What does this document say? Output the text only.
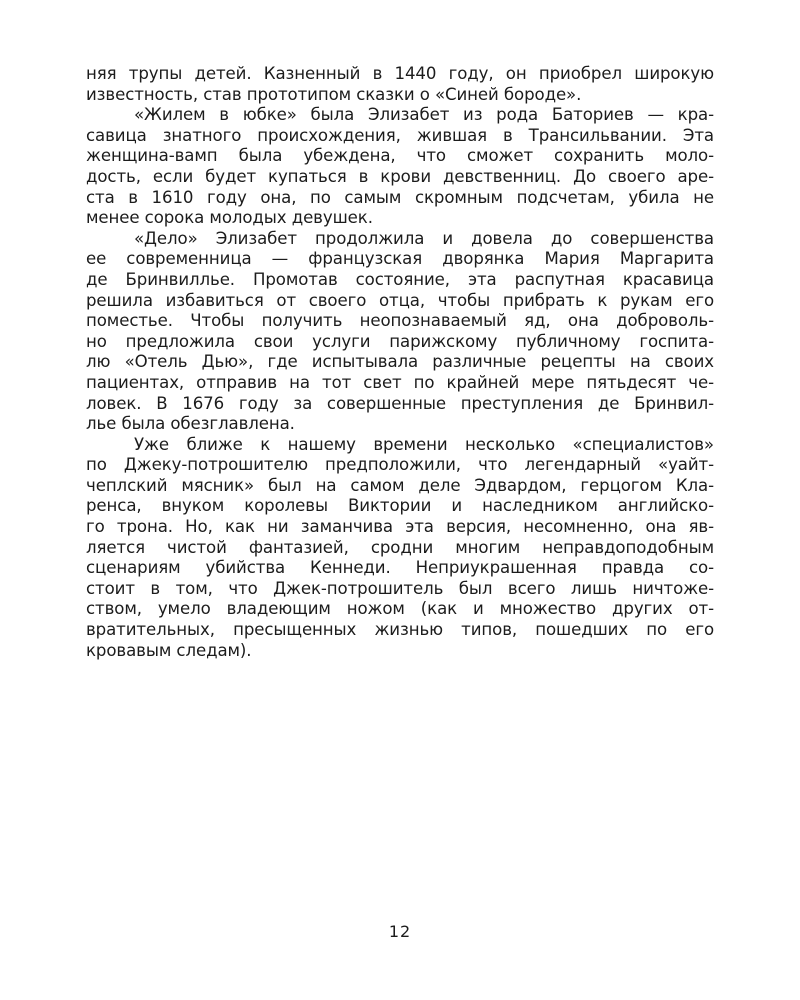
няя трупы детей. Казненный в 1440 году, он приобрел широкую
известность, став прототипом сказки о «Синей бороде».
«Жилем в юбке» была Элизабет из рода Баториев — кра-
савица знатного происхождения, жившая в Трансильвании. Эта
женщина-вамп была убеждена, что сможет сохранить моло-
дость, если будет купаться в крови девственниц. До своего аре-
ста в 1610 году она, по самым скромным подсчетам, убила не
менее сорока молодых девушек.
«Дело» Элизабет продолжила и довела до совершенства
ее современница — французская дворянка Мария Маргарита
де Бринвилльe. Промотав состояние, эта распутная красавица
решила избавиться от своего отца, чтобы прибрать к рукам его
поместье. Чтобы получить неопознаваемый яд, она доброволь-
но предложила свои услуги парижскому публичному госпита-
лю «Отель Дью», где испытывала различные рецепты на своих
пациентах, отправив на тот свет по крайней мере пятьдесят че-
ловек. В 1676 году за совершенные преступления де Бринвил-
лье была обезглавлена.
Уже ближе к нашему времени несколько «специалистов»
по Джеку-потрошителю предположили, что легендарный «уайт-
чеплский мясник» был на самом деле Эдвардом, герцогом Кла-
ренса, внуком королевы Виктории и наследником английско-
го трона. Но, как ни заманчива эта версия, несомненно, она яв-
ляется чистой фантазией, сродни многим неправдоподобным
сценариям убийства Кеннеди. Неприукрашенная правда со-
стоит в том, что Джек-потрошитель был всего лишь ничтоже-
ством, умело владеющим ножом (как и множество других от-
вратительных, пресыщенных жизнью типов, пошедших по его
кровавым следам).
12
